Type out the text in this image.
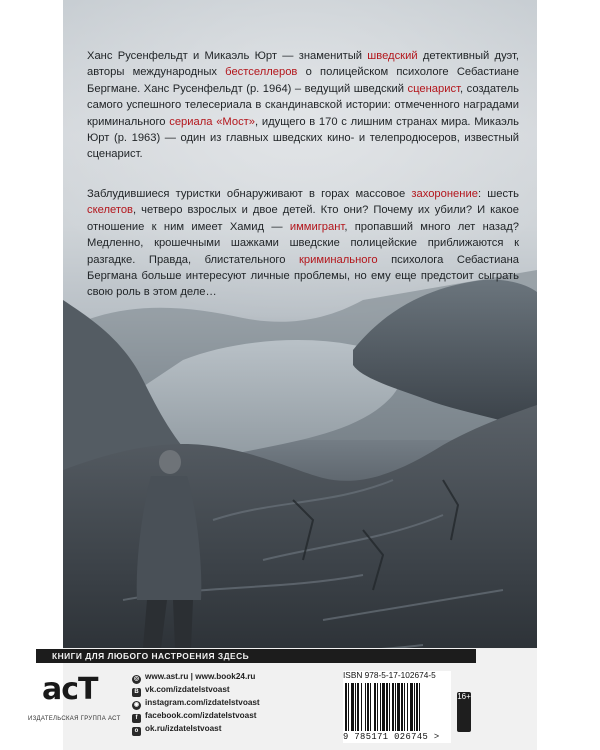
Ханс Русенфельдт и Микаэль Юрт — знаменитый шведский детективный дуэт, авторы международных бестселлеров о полицейском психологе Себастиане Бергмане. Ханс Русенфельдт (р. 1964) – ведущий шведский сценарист, создатель самого успешного телесериала в скандинавской истории: отмеченного наградами криминального сериала «Мост», идущего в 170 с лишним странах мира. Микаэль Юрт (р. 1963) — один из главных шведских кино- и телепродюсеров, известный сценарист.

Заблудившиеся туристки обнаруживают в горах массовое захоронение: шесть скелетов, четверо взрослых и двое детей. Кто они? Почему их убили? И какое отношение к ним имеет Хамид — иммигрант, пропавший много лет назад? Медленно, крошечными шажками шведские полицейские приближаются к разгадке. Правда, блистательного криминального психолога Себастиана Бергмана больше интересуют личные проблемы, но ему еще предстоит сыграть свою роль в этом деле…

КНИГИ ДЛЯ ЛЮБОГО НАСТРОЕНИЯ ЗДЕСЬ
acT
ИЗДАТЕЛЬСКАЯ ГРУППА АСТ
◎ www.ast.ru | www.book24.ru
B vk.com/izdatelstvoast
◉ instagram.com/izdatelstvoast
f facebook.com/izdatelstvoast
o ok.ru/izdatelstvoast
ISBN 978-5-17-102674-5
9 785171 026745 >
16+
